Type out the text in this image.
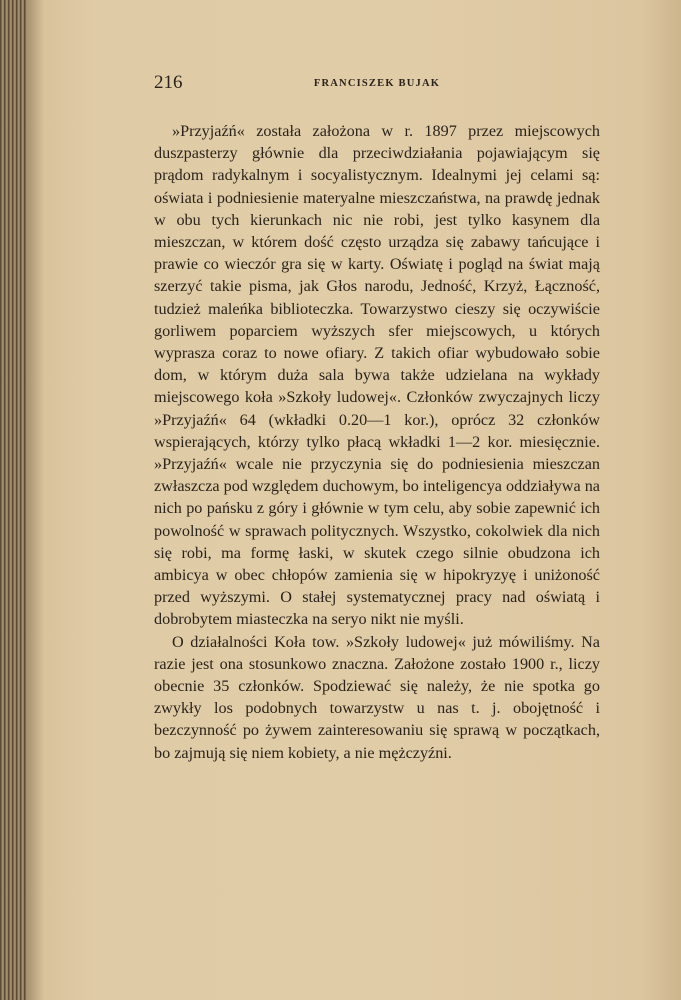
216	FRANCISZEK BUJAK

»Przyjaźń« została założona w r. 1897 przez miejscowych duszpasterzy głównie dla przeciwdziałania pojawiającym się prądom radykalnym i socyalistycznym. Idealnymi jej celami są: oświata i podniesienie materyalne mieszczaństwa, na prawdę jednak w obu tych kierunkach nic nie robi, jest tylko kasynem dla mieszczan, w którem dość często urządza się zabawy tańcujące i prawie co wieczór gra się w karty. Oświatę i pogląd na świat mają szerzyć takie pisma, jak Głos narodu, Jedność, Krzyż, Łączność, tudzież maleńka biblioteczka. Towarzystwo cieszy się oczywiście gorliwem poparciem wyższych sfer miejscowych, u których wyprasza coraz to nowe ofiary. Z takich ofiar wybudowało sobie dom, w którym duża sala bywa także udzielana na wykłady miejscowego koła »Szkoły ludowej«. Członków zwyczajnych liczy »Przyjaźń« 64 (wkładki 0.20—1 kor.), oprócz 32 członków wspierających, którzy tylko płacą wkładki 1—2 kor. miesięcznie. »Przyjaźń« wcale nie przyczynia się do podniesienia mieszczan zwłaszcza pod względem duchowym, bo inteligencya oddziaływa na nich po pańsku z góry i głównie w tym celu, aby sobie zapewnić ich powolność w sprawach politycznych. Wszystko, cokolwiek dla nich się robi, ma formę łaski, w skutek czego silnie obudzona ich ambicya w obec chłopów zamienia się w hipokryzyę i uniżoność przed wyższymi. O stałej systematycznej pracy nad oświatą i dobrobytem miasteczka na seryo nikt nie myśli.

O działalności Koła tow. »Szkoły ludowej« już mówiliśmy. Na razie jest ona stosunkowo znaczna. Założone zostało 1900 r., liczy obecnie 35 członków. Spodziewać się należy, że nie spotka go zwykły los podobnych towarzystw u nas t. j. obojętność i bezczynność po żywem zainteresowaniu się sprawą w początkach, bo zajmują się niem kobiety, a nie mężczyźni.
